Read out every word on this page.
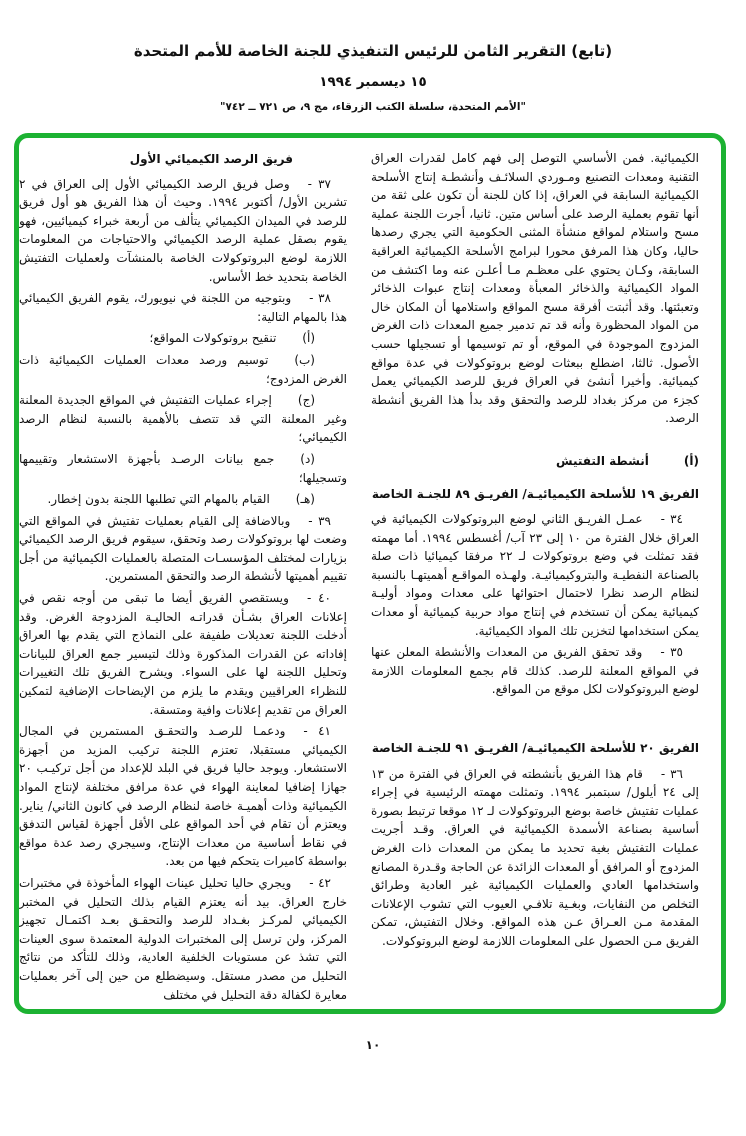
(تابع) التقرير الثامن للرئيس التنفيذي للجنة الخاصة للأمم المتحدة
١٥ ديسمبر ١٩٩٤
"الأمم المتحدة، سلسلة الكتب الزرقاء، مج ٩، ص ٧٢١ ــ ٧٤٢"
الكيميائية. فمن الأساسي التوصل إلى فهم كامل لقدرات العراق التقنية ومعدات التصنيع ومـوردي السلائـف وأنشطـة إنتاج الأسلحة الكيميائية السابقة في العراق، إذا كان للجنة أن تكون على ثقة من أنها تقوم بعملية الرصد على أساس متين. ثانيا، أجرت اللجنة عملية مسح واستلام لمواقع منشأة المثنى الحكومية التي يجري رصدها حاليا، وكان هذا المرفق محورا لبرامج الأسلحة الكيميائية العراقية السابقة، وكـان يحتوي على معظـم مـا أعلـن عنه وما اكتشف من المواد الكيميائية والذخائر المعبأة ومعدات إنتاج عبوات الذخائر وتعبئتها. وقد أثبتت أفرقة مسح المواقع واستلامها أن المكان خال من المواد المحظورة وأنه قد تم تدمير جميع المعدات ذات الغرض المزدوج الموجودة في الموقع، أو تم توسيمها أو تسجيلها حسب الأصول. ثالثا، اضطلع ببعثات لوضع بروتوكولات في عدة مواقع كيميائية. وأخيرا أنشئ في العراق فريق للرصد الكيميائي يعمل كجزء من مركز بغداد للرصد والتحقق وقد بدأ هذا الفريق أنشطة الرصد.
(أ)
أنشطة التفتيش
الفريق ١٩ للأسلحة الكيميائيـة/ الفريـق ٨٩ للجنـة الخاصة
٣٤ -عمـل الفريـق الثاني لوضع البروتوكولات الكيميائية في العراق خلال الفترة من ١٠ إلى ٢٣ آب/ أغسطس ١٩٩٤. أما مهمته فقد تمثلت في وضع بروتوكولات لـ ٢٢ مرفقا كيميائيا ذات صلة بالصناعة النفطيـة والبتروكيميائيـة. ولهـذه المواقـع أهميتهـا بالنسبة لنظام الرصد نظرا لاحتمال احتوائها على معدات ومواد أوليـة كيميائية يمكن أن تستخدم في إنتاج مواد حربية كيميائية أو معدات يمكن استخدامها لتخزين تلك المواد الكيميائية.
٣٥ -وقد تحقق الفريق من المعدات والأنشطة المعلن عنها في المواقع المعلنة للرصد. كذلك قام بجمع المعلومات اللازمة لوضع البروتوكولات لكل موقع من المواقع.
الفريق ٢٠ للأسلحة الكيميائيـة/ الفريـق ٩١ للجنـة الخاصة
٣٦ -قام هذا الفريق بأنشطته في العراق في الفترة من ١٣ إلى ٢٤ أيلول/ سبتمبر ١٩٩٤. وتمثلت مهمته الرئيسية في إجراء عمليات تفتيش خاصة بوضع البروتوكولات لـ ١٢ موقعا ترتبط بصورة أساسية بصناعة الأسمدة الكيميائية في العراق. وقـد أجريت عمليات التفتيش بغية تحديد ما يمكن من المعدات ذات الغرض المزدوج أو المرافق أو المعدات الزائدة عن الحاجة وقـدرة المصانع واستخدامها العادي والعمليات الكيميائية غير العادية وطرائق التخلص من النفايات، وبغـية تلافـي العيوب التي تشوب الإعلانات المقدمة مـن العـراق عـن هذه المواقع. وخلال التفتيش، تمكن الفريق مـن الحصول على المعلومات اللازمة لوضع البروتوكولات.
فريق الرصد الكيميائي الأول
٣٧ -وصل فريق الرصد الكيميائي الأول إلى العراق في ٢ تشرين الأول/ أكتوبر ١٩٩٤. وحيث أن هذا الفريق هو أول فريق للرصد في الميدان الكيميائي يتألف من أربعة خبراء كيميائيين، فهو يقوم بصقل عملية الرصد الكيميائي والاحتياجات من المعلومات اللازمة لوضع البروتوكولات الخاصة بالمنشآت ولعمليات التفتيش الخاصة بتحديد خط الأساس.
٣٨ -وبتوجيه من اللجنة في نيويورك، يقوم الفريق الكيميائي هذا بالمهام التالية:
(أ)تنقيح بروتوكولات المواقع؛
(ب)توسيم ورصد معدات العمليات الكيميائية ذات الغرض المزدوج؛
(ج)إجراء عمليات التفتيش في المواقع الجديدة المعلنة وغير المعلنة التي قد تتصف بالأهمية بالنسبة لنظام الرصد الكيميائي؛
(د)جمع بيانات الرصـد بأجهزة الاستشعار وتقييمها وتسجيلها؛
(هـ)القيام بالمهام التي تطلبها اللجنة بدون إخطار.
٣٩ -وبالاضافة إلى القيام بعمليات تفتيش في المواقع التي وضعت لها بروتوكولات رصد وتحقق، سيقوم فريق الرصد الكيميائي بزيارات لمختلف المؤسسـات المتصلة بالعمليات الكيميائية من أجل تقييم أهميتها لأنشطة الرصد والتحقق المستمرين.
٤٠ -ويستقصي الفريق أيضا ما تبقى من أوجه نقص في إعلانات العراق بشـأن قدراتـه الحاليـة المزدوجة الغرض. وقد أدخلت اللجنة تعديلات طفيفة على النماذج التي يقدم بها العراق إفاداته عن القدرات المذكورة وذلك لتيسير جمع العراق للبيانات وتحليل اللجنة لها على السواء. ويشرح الفريق تلك التغييرات للنظراء العراقيين ويقدم ما يلزم من الإيضاحات الإضافية لتمكين العراق من تقديم إعلانات وافية ومتسقة.
٤١ -ودعمـا للرصـد والتحقـق المستمرين في المجال الكيميائي مستقبلا، تعتزم اللجنة تركيب المزيد من أجهزة الاستشعار. ويوجد حاليا فريق في البلد للإعداد من أجل تركيـب ٢٠ جهازا إضافيا لمعاينة الهواء في عدة مرافق مختلفة لإنتاج المواد الكيميائية وذات أهميـة خاصة لنظام الرصد في كانون الثاني/ يناير. ويعتزم أن تقام في أحد المواقع على الأقل أجهزة لقياس التدفق في نقاط أساسية من معدات الإنتاج، وسيجري رصد عدة مواقع بواسطة كاميرات يتحكم فيها من بعد.
٤٢ -ويجري حاليا تحليل عينات الهواء المأخوذة في مختبرات خارج العراق. بيد أنه يعتزم القيام بذلك التحليل في المختبر الكيميائي لمركـز بغـداد للرصد والتحقـق بعـد اكتمـال تجهيز المركز، ولن ترسل إلى المختبرات الدولية المعتمدة سوى العينات التي تشذ عن مستويات الخلفية العادية، وذلك للتأكد من نتائج التحليل من مصدر مستقل. وسيضطلع من حين إلى آخر بعمليات معايرة لكفالة دقة التحليل في مختلف
١٠
